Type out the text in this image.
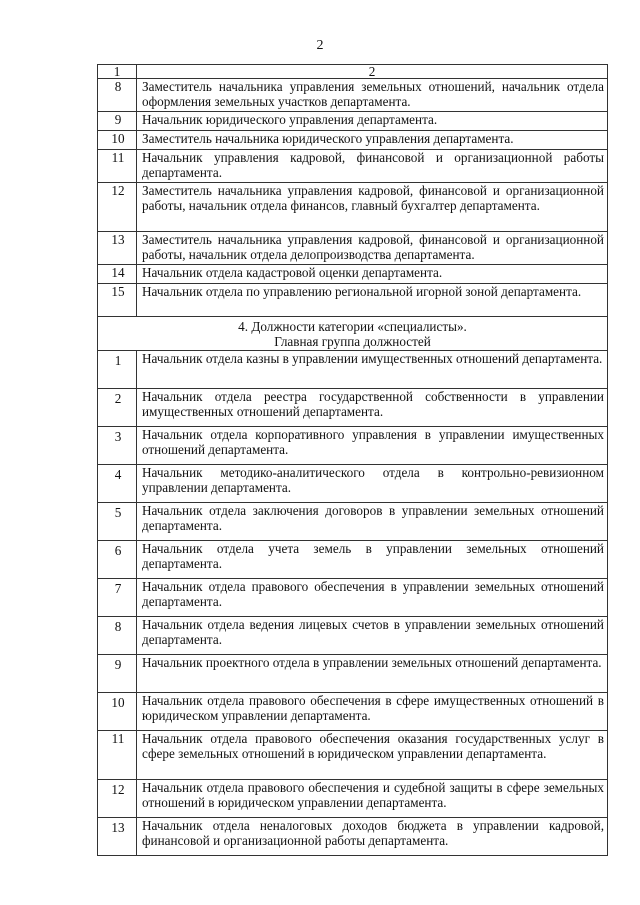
2
1	2
8	Заместитель начальника управления земельных отношений, начальник отдела оформления земельных участков департамента.
9	Начальник юридического управления департамента.
10	Заместитель начальника юридического управления департамента.
11	Начальник управления кадровой, финансовой и организационной работы департамента.
12	Заместитель начальника управления кадровой, финансовой и организационной работы, начальник отдела финансов, главный бухгалтер департамента.
13	Заместитель начальника управления кадровой, финансовой и организационной работы, начальник отдела делопроизводства департамента.
14	Начальник отдела кадастровой оценки департамента.
15	Начальник отдела по управлению региональной игорной зоной департамента.

4. Должности категории «специалисты».
Главная группа должностей	

1	Начальник отдела казны в управлении имущественных отношений департамента.
2	Начальник отдела реестра государственной собственности в управлении имущественных отношений департамента.
3	Начальник отдела корпоративного управления в управлении имущественных отношений департамента.
4	Начальник методико-аналитического отдела в контрольно-ревизионном управлении департамента.
5	Начальник отдела заключения договоров в управлении земельных отношений департамента.
6	Начальник отдела учета земель в управлении земельных отношений департамента.
7	Начальник отдела правового обеспечения в управлении земельных отношений департамента.
8	Начальник отдела ведения лицевых счетов в управлении земельных отношений департамента.
9	Начальник проектного отдела в управлении земельных отношений департамента.
10	Начальник отдела правового обеспечения в сфере имущественных отношений в юридическом управлении департамента.
11	Начальник отдела правового обеспечения оказания государственных услуг в сфере земельных отношений в юридическом управлении департамента.
12	Начальник отдела правового обеспечения и судебной защиты в сфере земельных отношений в юридическом управлении департамента.
13	Начальник отдела неналоговых доходов бюджета в управлении кадровой, финансовой и организационной работы департамента.
